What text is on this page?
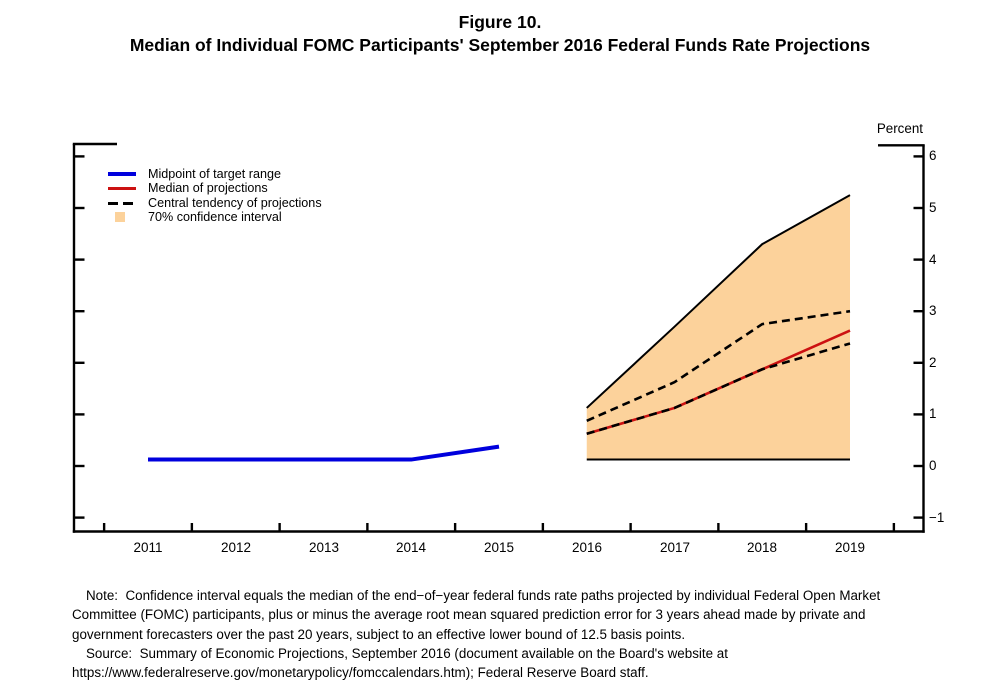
Figure 10.
Median of Individual FOMC Participants' September 2016 Federal Funds Rate Projections
Percent
6
5
4
3
2
1
0
−1
2011	2012	2013	2014	2015	2016	2017	2018	2019
Midpoint of target range
Median of projections
Central tendency of projections
70% confidence interval
Note:  Confidence interval equals the median of the end−of−year federal funds rate paths projected by individual Federal Open Market
Committee (FOMC) participants, plus or minus the average root mean squared prediction error for 3 years ahead made by private and
government forecasters over the past 20 years, subject to an effective lower bound of 12.5 basis points.
Source:  Summary of Economic Projections, September 2016 (document available on the Board's website at
https://www.federalreserve.gov/monetarypolicy/fomccalendars.htm); Federal Reserve Board staff.
